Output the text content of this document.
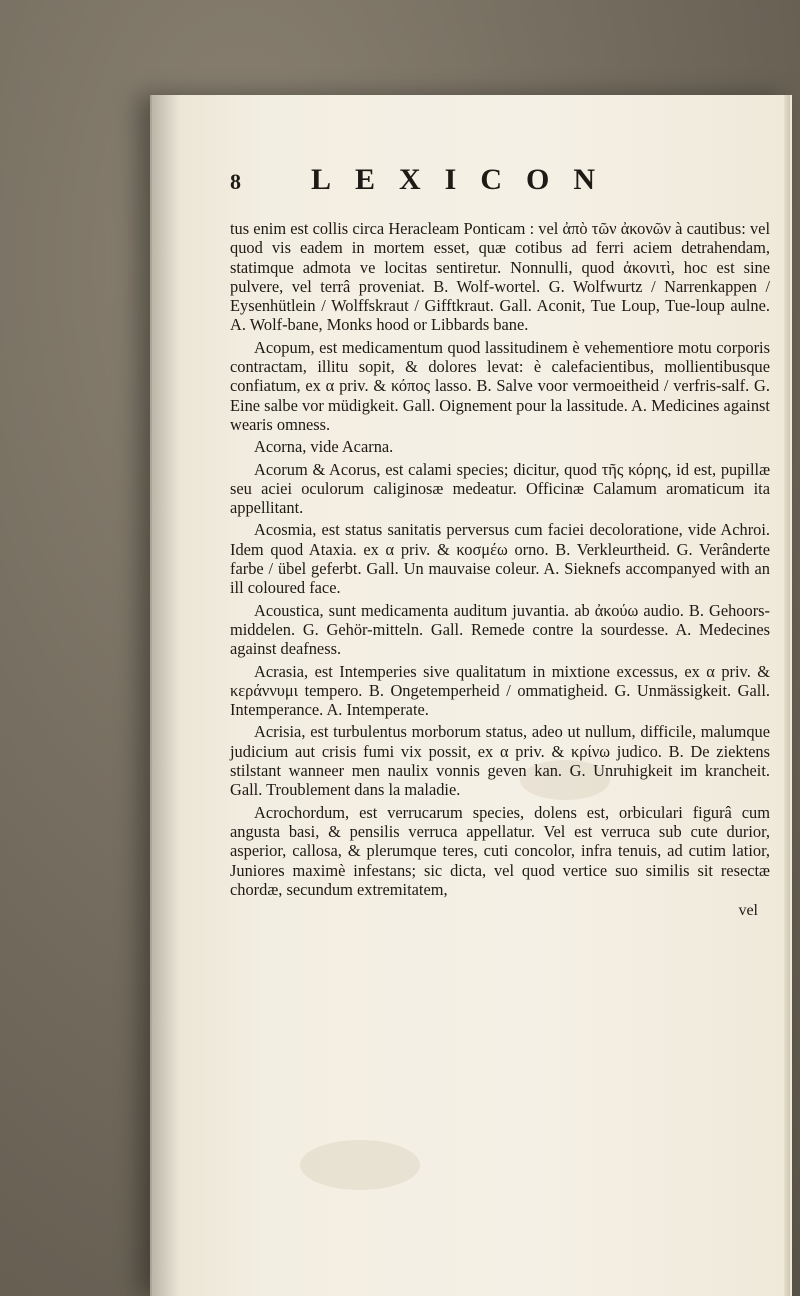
8 LEXICON

tus enim est collis circa Heracleam Ponticam : vel ἀπὸ τῶν ἀκονῶν à cautibus: vel quod vis eadem in mortem esset, quæ cotibus ad ferri aciem detrahendam, statimque admota ve locitas sentiretur. Nonnulli, quod ἀκονιτὶ, hoc est sine pulvere, vel terrâ proveniat. B. Wolf-wortel. G. Wolfwurtz / Narrenkappen / Eysenhütlein / Wolffskraut / Gifftkraut. Gall. Aconit, Tue Loup, Tue-loup aulne. A. Wolf-bane, Monks hood or Libbards bane.

Acopum, est medicamentum quod lassitudinem è vehementiore motu corporis contractam, illitu sopit, & dolores levat: è calefacientibus, mollientibusque confiatum, ex α priv. & κόπος lasso. B. Salve voor vermoeitheid / verfris-salf. G. Eine salbe vor müdigkeit. Gall. Oignement pour la lassitude. A. Medicines against wearis omness.

Acorna, vide Acarna.

Acorum & Acorus, est calami species; dicitur, quod τῆς κόρης, id est, pupillæ seu aciei oculorum caliginosæ medeatur. Officinæ Calamum aromaticum ita appellitant.

Acosmia, est status sanitatis perversus cum faciei decoloratione, vide Achroi. Idem quod Ataxia. ex α priv. & κοσμέω orno. B. Verkleurtheid. G. Verânderte farbe / übel geferbt. Gall. Un mauvaise coleur. A. Sieknefs accompanyed with an ill coloured face.

Acoustica, sunt medicamenta auditum juvantia. ab ἀκούω audio. B. Gehoors-middelen. G. Gehör-mitteln. Gall. Remede contre la sourdesse. A. Medecines against deafness.

Acrasia, est Intemperies sive qualitatum in mixtione excessus, ex α priv. & κεράννυμι tempero. B. Ongetemperheid / ommatigheid. G. Unmässigkeit. Gall. Intemperance. A. Intemperate.

Acrisia, est turbulentus morborum status, adeo ut nullum, difficile, malumque judicium aut crisis fumi vix possit, ex α priv. & κρίνω judico. B. De ziektens stilstant wanneer men naulix vonnis geven kan. G. Unruhigkeit im krancheit. Gall. Troublement dans la maladie.

Acrochordum, est verrucarum species, dolens est, orbiculari figurâ cum angusta basi, & pensilis verruca appellatur. Vel est verruca sub cute durior, asperior, callosa, & plerumque teres, cuti concolor, infra tenuis, ad cutim latior, Juniores maximè infestans; sic dicta, vel quod vertice suo similis sit resectæ chordæ, secundum extremitatem,

vel
